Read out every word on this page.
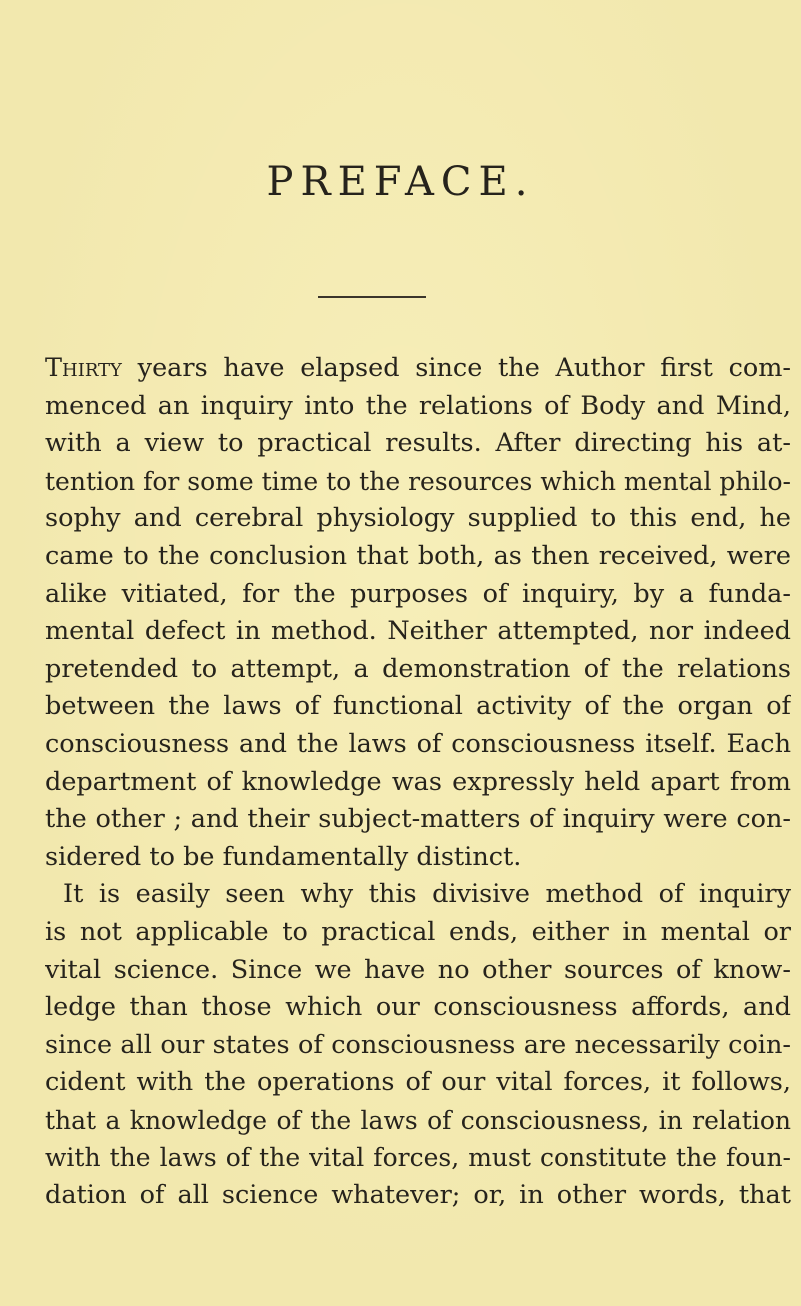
PREFACE.
Thirty years have elapsed since the Author first com-
menced an inquiry into the relations of Body and Mind,
with a view to practical results. After directing his at-
tention for some time to the resources which mental philo-
sophy and cerebral physiology supplied to this end, he
came to the conclusion that both, as then received, were
alike vitiated, for the purposes of inquiry, by a funda-
mental defect in method. Neither attempted, nor indeed
pretended to attempt, a demonstration of the relations
between the laws of functional activity of the organ of
consciousness and the laws of consciousness itself. Each
department of knowledge was expressly held apart from
the other ; and their subject-matters of inquiry were con-
sidered to be fundamentally distinct.
It is easily seen why this divisive method of inquiry
is not applicable to practical ends, either in mental or
vital science. Since we have no other sources of know-
ledge than those which our consciousness affords, and
since all our states of consciousness are necessarily coin-
cident with the operations of our vital forces, it follows,
that a knowledge of the laws of consciousness, in relation
with the laws of the vital forces, must constitute the foun-
dation of all science whatever; or, in other words, that
